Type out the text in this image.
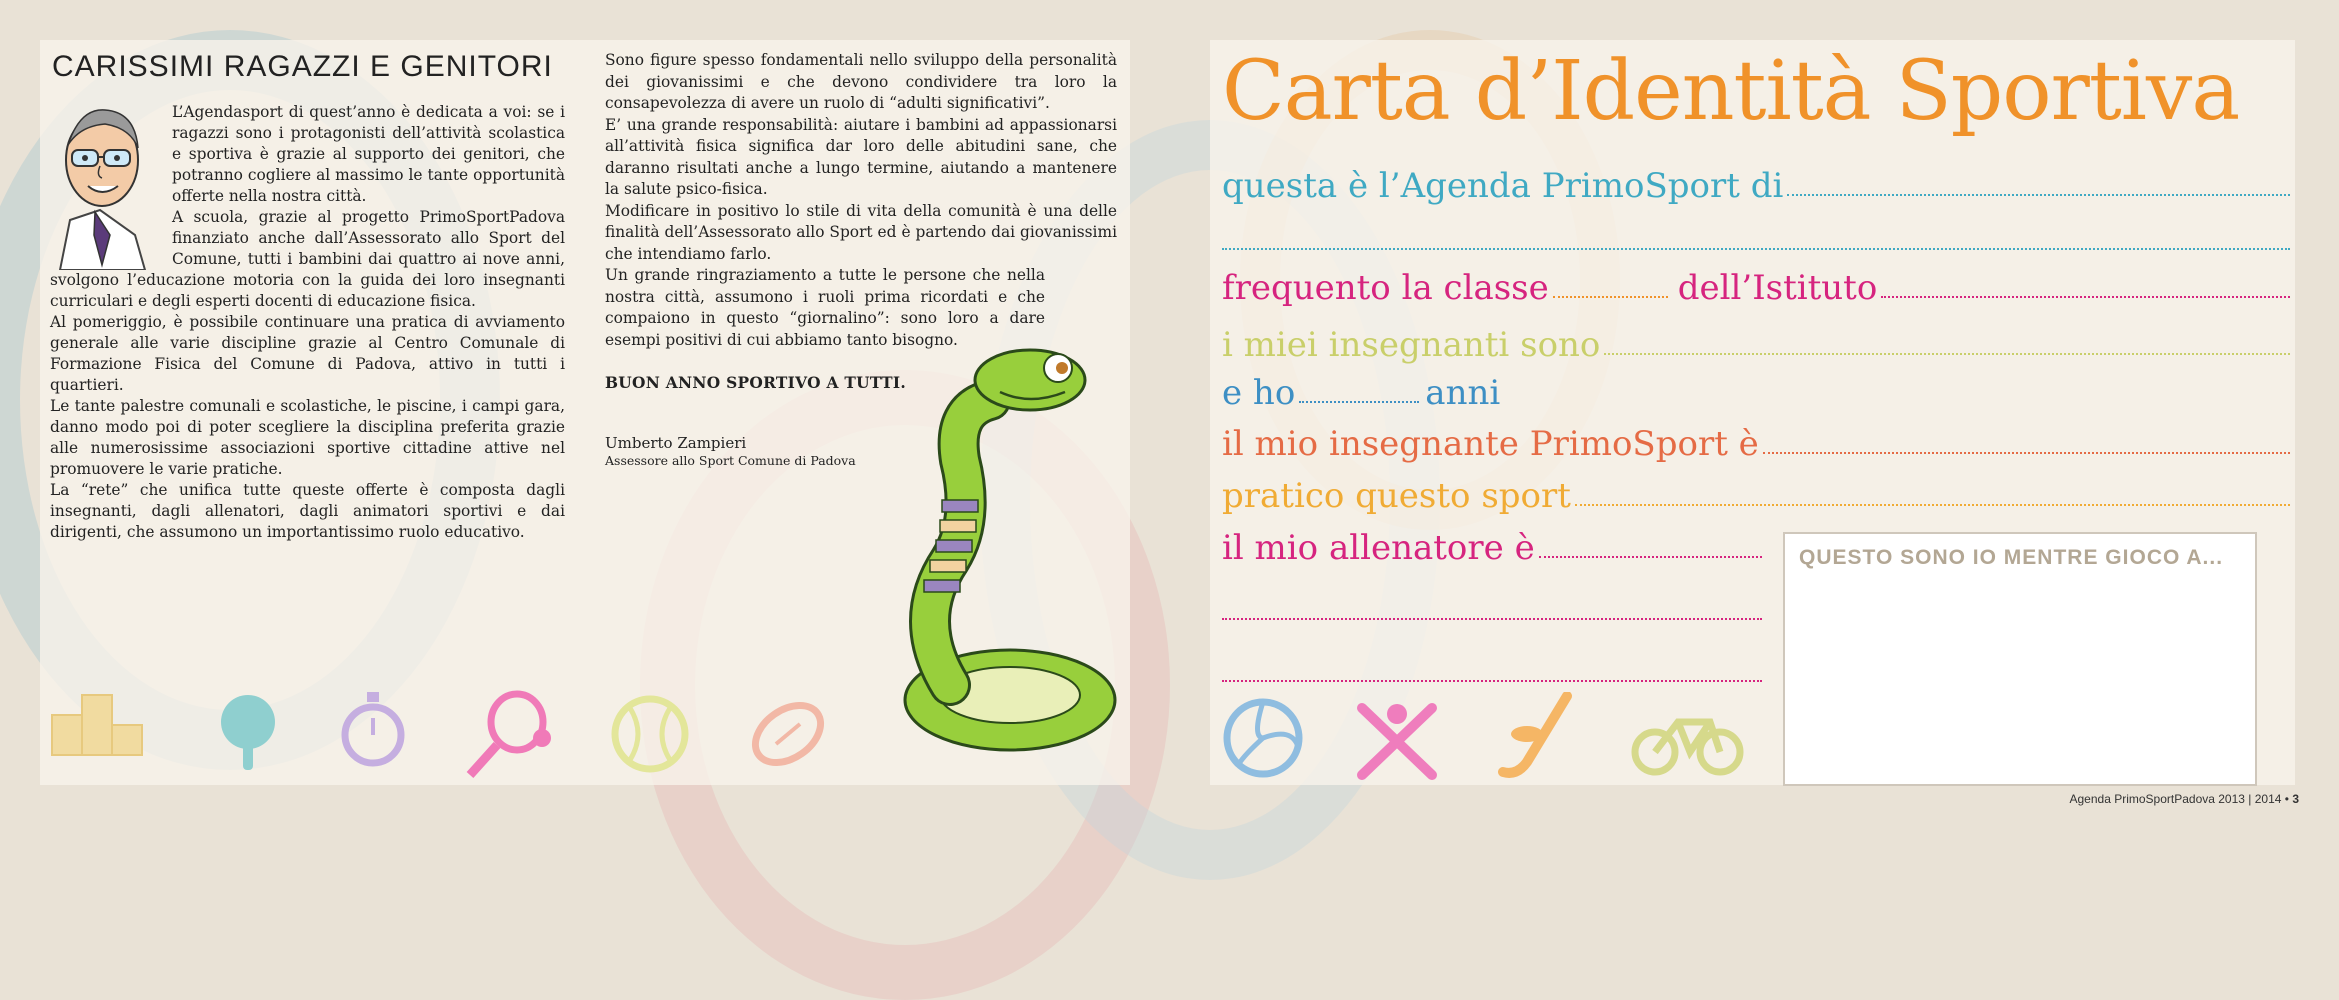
CARISSIMI RAGAZZI E GENITORI

L’Agendasport di quest’anno è dedicata a voi: se i ragazzi sono i protagonisti dell’attività scolastica e sportiva è grazie al supporto dei genitori, che potranno cogliere al massimo le tante opportunità offerte nella nostra città.

A scuola, grazie al progetto PrimoSportPadova finanziato anche dall’Assessorato allo Sport del Comune, tutti i bambini dai quattro ai nove anni, svolgono l’educazione motoria con la guida dei loro insegnanti curriculari e degli esperti docenti di educazione fisica.

Al pomeriggio, è possibile continuare una pratica di avviamento generale alle varie discipline grazie al Centro Comunale di Formazione Fisica del Comune di Padova, attivo in tutti i quartieri.

Le tante palestre comunali e scolastiche, le piscine, i campi gara, danno modo poi di poter scegliere la disciplina preferita grazie alle numerosissime associazioni sportive cittadine attive nel promuovere le varie pratiche.

La “rete” che unifica tutte queste offerte è composta dagli insegnanti, dagli allenatori, dagli animatori sportivi e dai dirigenti, che assumono un importantissimo ruolo educativo.

Sono figure spesso fondamentali nello sviluppo della personalità dei giovanissimi e che devono condividere tra loro la consapevolezza di avere un ruolo di “adulti significativi”.

E’ una grande responsabilità: aiutare i bambini ad appassionarsi all’attività fisica significa dar loro delle abitudini sane, che daranno risultati anche a lungo termine, aiutando a mantenere la salute psico-fisica.

Modificare in positivo lo stile di vita della comunità è una delle finalità dell’Assessorato allo Sport ed è partendo dai giovanissimi che intendiamo farlo.

Un grande ringraziamento a tutte le persone che nella nostra città, assumono i ruoli prima ricordati e che compaiono in questo “giornalino”: sono loro a dare esempi positivi di cui abbiamo tanto bisogno.

BUON ANNO SPORTIVO A TUTTI.

Umberto Zampieri

Assessore allo Sport Comune di Padova

Carta d’Identità Sportiva
questa è l’Agenda PrimoSport di
frequento la classe	dell’Istituto
i miei insegnanti sono
e ho	anni
il mio insegnante PrimoSport è
pratico questo sport
il mio allenatore è	QUESTO SONO IO MENTRE GIOCO A...
Agenda PrimoSportPadova 2013 | 2014 • 3
